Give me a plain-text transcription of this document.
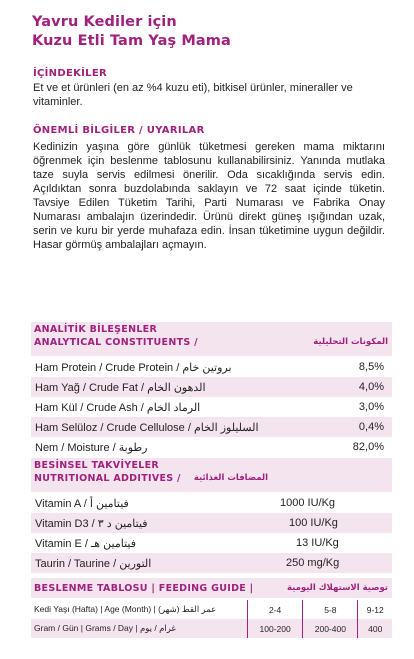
Yavru Kediler için
Kuzu Etli Tam Yaş Mama
İÇİNDEKİLER
Et ve et ürünleri (en az %4 kuzu eti), bitkisel ürünler, mineraller ve vitaminler.
ÖNEMLİ BİLGİLER / UYARILAR
Kedinizin yaşına göre günlük tüketmesi gereken mama miktarını öğrenmek için beslenme tablosunu kullanabilirsiniz. Yanında mutlaka taze suyla servis edilmesi önerilir. Oda sıcaklığında servis edin. Açıldıktan sonra buzdolabında saklayın ve 72 saat içinde tüketin. Tavsiye Edilen Tüketim Tarihi, Parti Numarası ve Fabrika Onay Numarası ambalajın üzerindedir. Ürünü direkt güneş ışığından uzak, serin ve kuru bir yerde muhafaza edin. İnsan tüketimine uygun değildir. Hasar görmüş ambalajları açmayın.
ANALİTİK BİLEŞENLER
ANALYTICAL CONSTITUENTS /	المكونات التحليلية
Ham Protein / Crude Protein / بروتين خام	8,5%
Ham Yağ / Crude Fat / الدهون الخام	4,0%
Ham Kül / Crude Ash / الرماد الخام	3,0%
Ham Selüloz / Crude Cellulose / السليلوز الخام	0,4%
Nem / Moisture / رطوبة	82,0%
BESİNSEL TAKVİYELER
NUTRITIONAL ADDITIVES / المضافات الغذائية
Vitamin A / فيتامين أ	1000 IU/Kg
Vitamin D3 / فيتامين د ٣	100 IU/Kg
Vitamin E / فيتامين هـ	13 IU/Kg
Taurin / Taurine / التورين	250 mg/Kg
BESLENME TABLOSU | FEEDING GUIDE |	توصية الاستهلاك اليومية
Kedi Yaşı (Hafta) | Age (Month) | عمر القط (شهر)	2-4	5-8	9-12
Gram / Gün | Grams / Day | غرام / يوم	100-200	200-400	400
